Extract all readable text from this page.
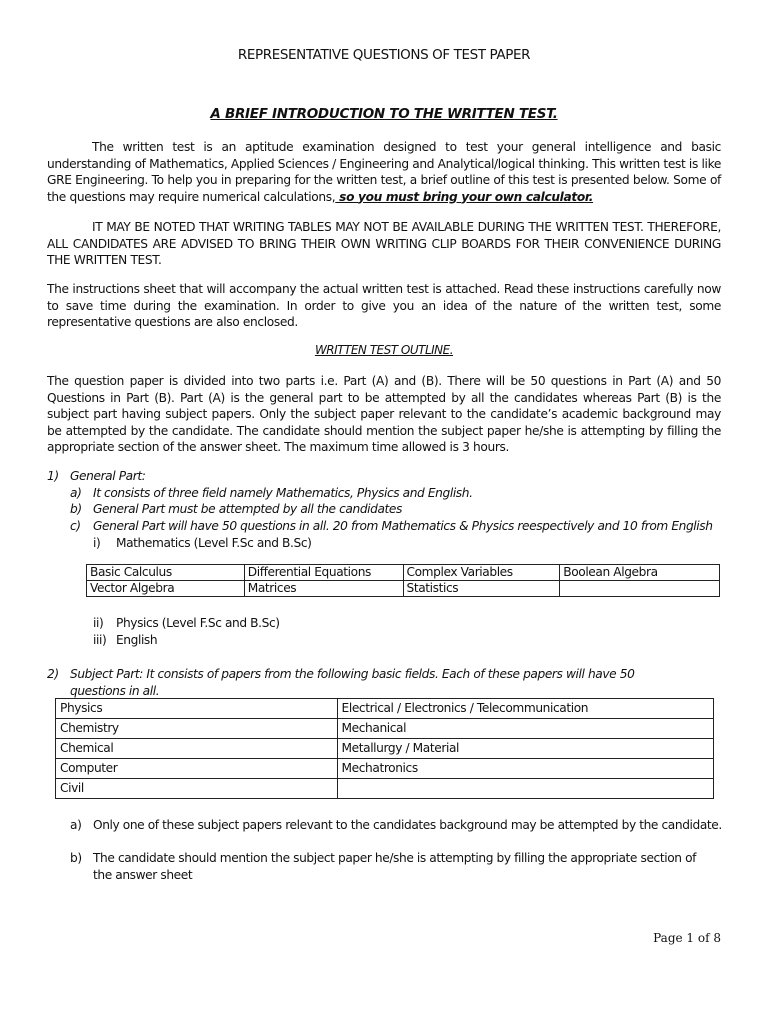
REPRESENTATIVE QUESTIONS OF TEST PAPER
A BRIEF INTRODUCTION TO THE WRITTEN TEST.

The written test is an aptitude examination designed to test your general intelligence and basic understanding of Mathematics, Applied Sciences / Engineering and Analytical/logical thinking. This written test is like GRE Engineering. To help you in preparing for the written test, a brief outline of this test is presented below. Some of the questions may require numerical calculations, so you must bring your own calculator.

IT MAY BE NOTED THAT WRITING TABLES MAY NOT BE AVAILABLE DURING THE WRITTEN TEST. THEREFORE, ALL CANDIDATES ARE ADVISED TO BRING THEIR OWN WRITING CLIP BOARDS FOR THEIR CONVENIENCE DURING THE WRITTEN TEST.

The instructions sheet that will accompany the actual written test is attached. Read these instructions carefully now to save time during the examination. In order to give you an idea of the nature of the written test, some representative questions are also enclosed.

WRITTEN TEST OUTLINE.

The question paper is divided into two parts i.e. Part (A) and (B). There will be 50 questions in Part (A) and 50 Questions in Part (B). Part (A) is the general part to be attempted by all the candidates whereas Part (B) is the subject part having subject papers. Only the subject paper relevant to the candidate’s academic background may be attempted by the candidate. The candidate should mention the subject paper he/she is attempting by filling the appropriate section of the answer sheet. The maximum time allowed is 3 hours.

1) General Part:
a) It consists of three field namely Mathematics, Physics and English.
b) General Part must be attempted by all the candidates
c) General Part will have 50 questions in all. 20 from Mathematics & Physics reespectively and 10 from English
i) Mathematics (Level F.Sc and B.Sc)
Basic Calculus	Differential Equations	Complex Variables	Boolean Algebra
Vector Algebra	Matrices	Statistics	
ii) Physics (Level F.Sc and B.Sc)
iii) English
2) Subject Part: It consists of papers from the following basic fields. Each of these papers will have 50 questions in all.
Physics	Electrical / Electronics / Telecommunication
Chemistry	Mechanical
Chemical	Metallurgy / Material
Computer	Mechatronics
Civil	
a) Only one of these subject papers relevant to the candidates background may be attempted by the candidate.
b) The candidate should mention the subject paper he/she is attempting by filling the appropriate section of the answer sheet
Page 1 of 8
